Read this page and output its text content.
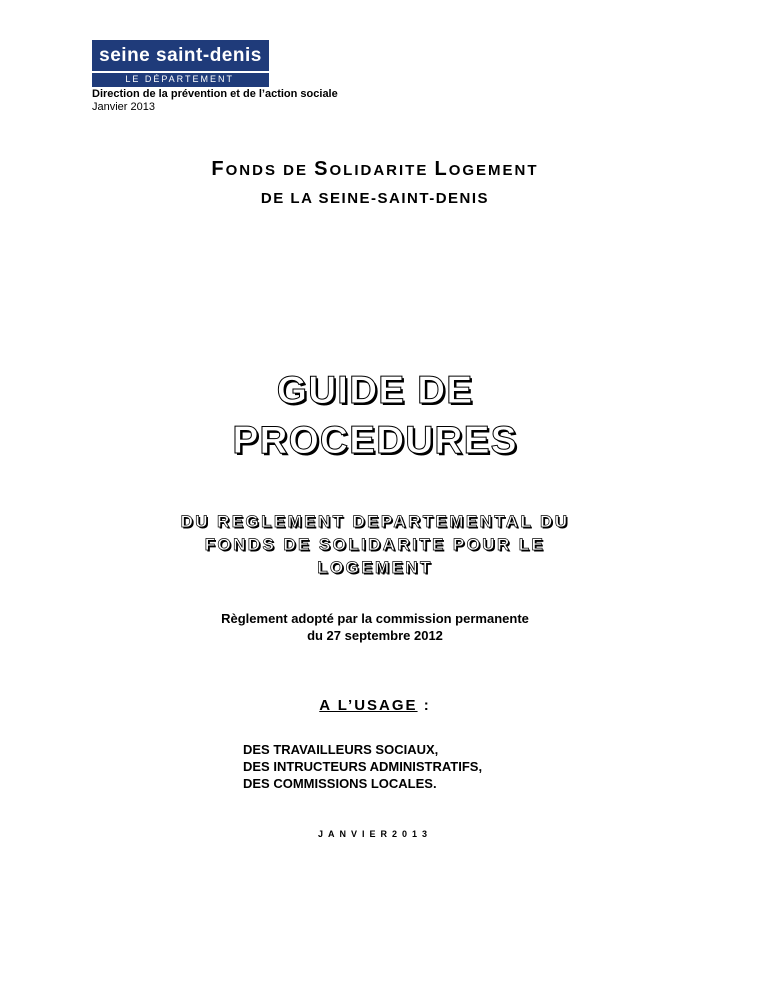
seine saint-denis
LE DÉPARTEMENT
Direction de la prévention et de l’action sociale
Janvier 2013
FONDS DE SOLIDARITE LOGEMENT
DE LA SEINE-SAINT-DENIS
GUIDE DE
PROCEDURES
DU REGLEMENT DEPARTEMENTAL DU
FONDS DE SOLIDARITE POUR LE
LOGEMENT
Règlement adopté par la commission permanente
du 27 septembre 2012
A L’USAGE :
DES TRAVAILLEURS SOCIAUX,
DES INTRUCTEURS ADMINISTRATIFS,
DES COMMISSIONS LOCALES.
JANVIER2013
